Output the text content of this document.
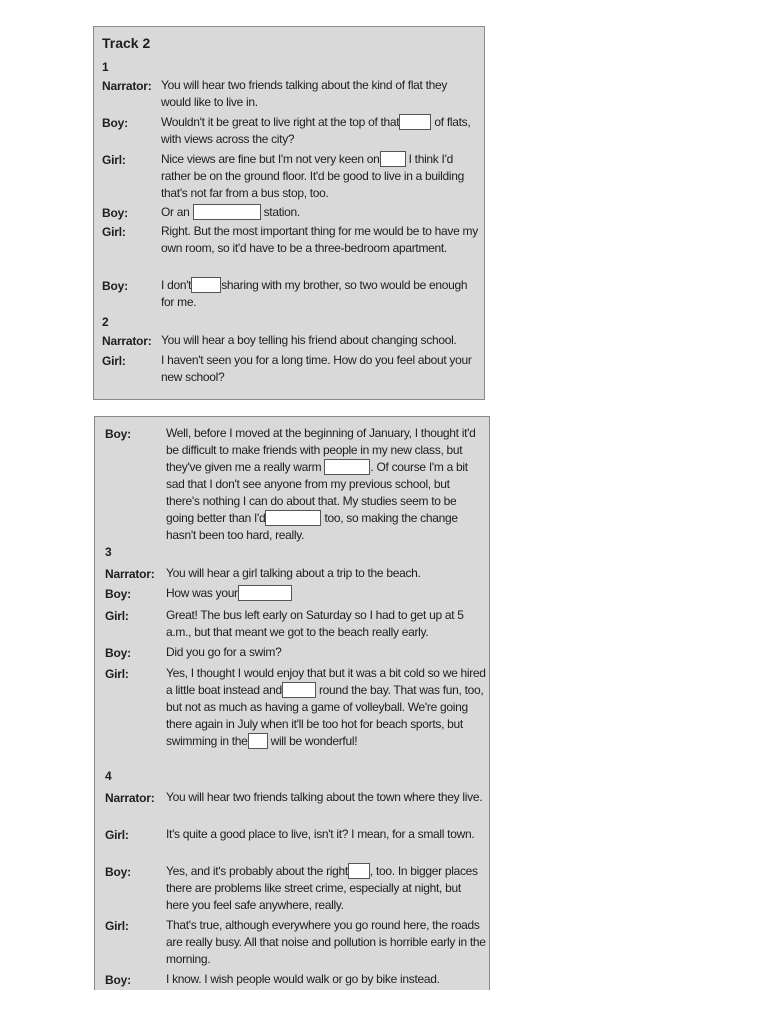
Track 2
1
Narrator: You will hear two friends talking about the kind of flat they would like to live in.

Boy:	Wouldn't it be great to live right at the top of that	of flats, with views across the city?

Girl:	Nice views are fine but I'm not very keen on I think I'd rather be on the ground floor. It'd be good to live in a building that's not far from a bus stop, too.

Boy:	Or an	station.

Girl:	Right. But the most important thing for me would be to have my own room, so it'd have to be a three-bedroom apartment.

Boy:	I don't	sharing with my brother, so two would be enough for me.

2
Narrator: You will hear a boy telling his friend about changing school.

Girl:	I haven't seen you for a long time. How do you feel about your new school?

Boy:	Well, before I moved at the beginning of January, I thought it'd be difficult to make friends with people in my new class, but they've given me a really warm	. Of course I'm a bit sad that I don't see anyone from my previous school, but there's nothing I can do about that. My studies seem to be going better than I'd	too, so making the change hasn't been too hard, really.

3
Narrator: You will hear a girl talking about a trip to the beach.

Boy:	How was your

Girl:	Great! The bus left early on Saturday so I had to get up at 5 a.m., but that meant we got to the beach really early.

Boy:	Did you go for a swim?

Girl:	Yes, I thought I would enjoy that but it was a bit cold so we hired a little boat instead and	round the bay. That was fun, too, but not as much as having a game of volleyball. We're going there again in July when it'll be too hot for beach sports, but swimming in the will be wonderful!

4
Narrator: You will hear two friends talking about the town where they live.

Girl:	It's quite a good place to live, isn't it? I mean, for a small town.

Boy:	Yes, and it's probably about the right , too. In bigger places there are problems like street crime, especially at night, but here you feel safe anywhere, really.

Girl:	That's true, although everywhere you go round here, the roads are really busy. All that noise and pollution is horrible early in the morning.

Boy:	I know. I wish people would walk or go by bike instead.
